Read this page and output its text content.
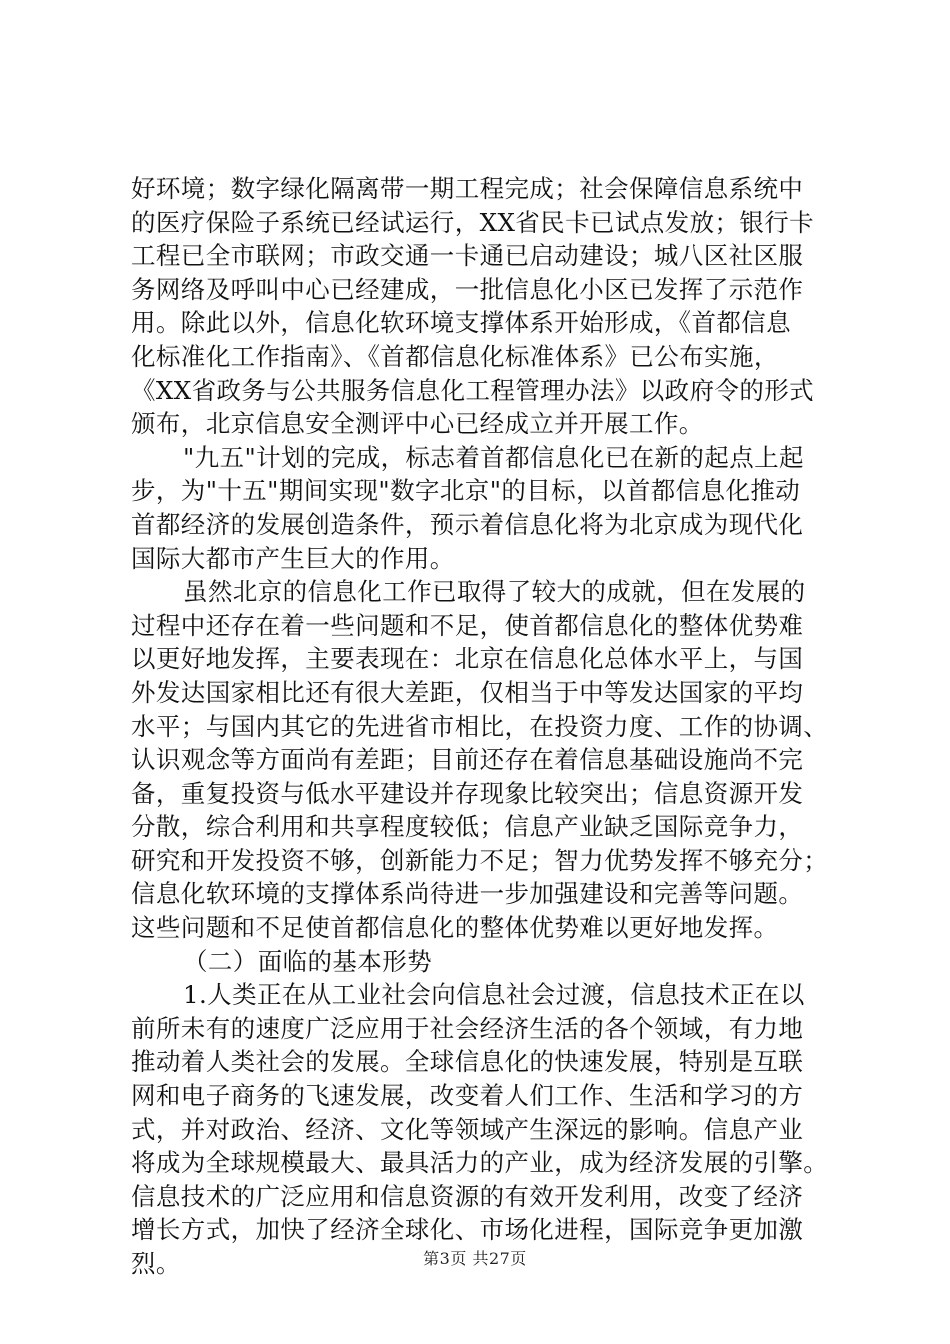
好环境；数字绿化隔离带一期工程完成；社会保障信息系统中
的医疗保险子系统已经试运行，XX省民卡已试点发放；银行卡
工程已全市联网；市政交通一卡通已启动建设；城八区社区服
务网络及呼叫中心已经建成，一批信息化小区已发挥了示范作
用。除此以外，信息化软环境支撑体系开始形成，《首都信息
化标准化工作指南》、《首都信息化标准体系》已公布实施，
《XX省政务与公共服务信息化工程管理办法》以政府令的形式
颁布，北京信息安全测评中心已经成立并开展工作。

"九五"计划的完成，标志着首都信息化已在新的起点上起
步，为"十五"期间实现"数字北京"的目标，以首都信息化推动
首都经济的发展创造条件，预示着信息化将为北京成为现代化
国际大都市产生巨大的作用。

虽然北京的信息化工作已取得了较大的成就，但在发展的
过程中还存在着一些问题和不足，使首都信息化的整体优势难
以更好地发挥，主要表现在：北京在信息化总体水平上，与国
外发达国家相比还有很大差距，仅相当于中等发达国家的平均
水平；与国内其它的先进省市相比，在投资力度、工作的协调、
认识观念等方面尚有差距；目前还存在着信息基础设施尚不完
备，重复投资与低水平建设并存现象比较突出；信息资源开发
分散，综合利用和共享程度较低；信息产业缺乏国际竞争力，
研究和开发投资不够，创新能力不足；智力优势发挥不够充分；
信息化软环境的支撑体系尚待进一步加强建设和完善等问题。
这些问题和不足使首都信息化的整体优势难以更好地发挥。

（二）面临的基本形势

1.人类正在从工业社会向信息社会过渡，信息技术正在以
前所未有的速度广泛应用于社会经济生活的各个领域，有力地
推动着人类社会的发展。全球信息化的快速发展，特别是互联
网和电子商务的飞速发展，改变着人们工作、生活和学习的方
式，并对政治、经济、文化等领域产生深远的影响。信息产业
将成为全球规模最大、最具活力的产业，成为经济发展的引擎。
信息技术的广泛应用和信息资源的有效开发利用，改变了经济
增长方式，加快了经济全球化、市场化进程，国际竞争更加激
烈。	第3页 共27页
